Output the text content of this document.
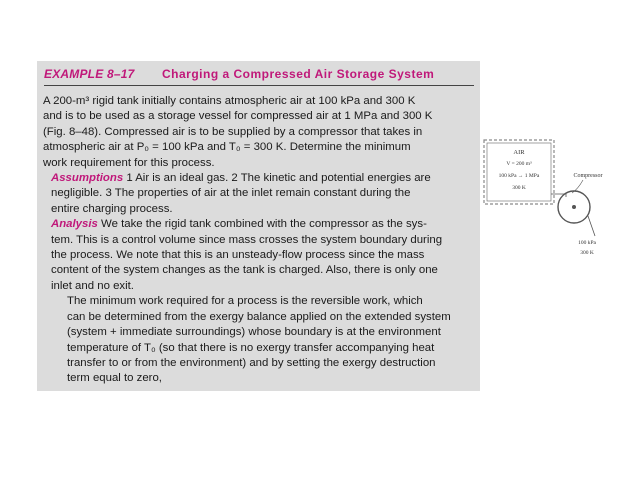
EXAMPLE 8–17 Charging a Compressed Air Storage System

A 200-m³ rigid tank initially contains atmospheric air at 100 kPa and 300 K
and is to be used as a storage vessel for compressed air at 1 MPa and 300 K
(Fig. 8–48). Compressed air is to be supplied by a compressor that takes in
atmospheric air at P₀ = 100 kPa and T₀ = 300 K. Determine the minimum
work requirement for this process.

Assumptions 1 Air is an ideal gas. 2 The kinetic and potential energies are
negligible. 3 The properties of air at the inlet remain constant during the
entire charging process.

Analysis We take the rigid tank combined with the compressor as the sys-
tem. This is a control volume since mass crosses the system boundary during
the process. We note that this is an unsteady-flow process since the mass
content of the system changes as the tank is charged. Also, there is only one
inlet and no exit.

The minimum work required for a process is the reversible work, which
can be determined from the exergy balance applied on the extended system
(system + immediate surroundings) whose boundary is at the environment
temperature of T₀ (so that there is no exergy transfer accompanying heat
transfer to or from the environment) and by setting the exergy destruction
term equal to zero,

AIR
V = 200 m³
100 kPa → 1 MPa
300 K
Compressor
100 kPa
300 K
